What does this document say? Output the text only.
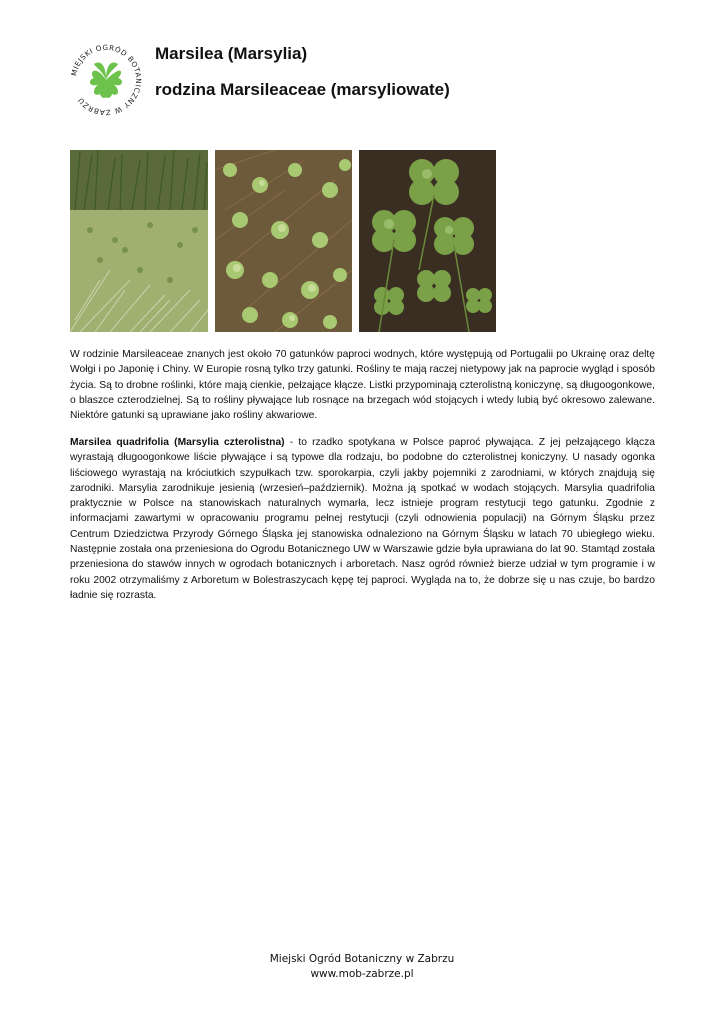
MIEJSKI OGRÓD BOTANICZNY W ZABRZU
Marsilea (Marsylia)
rodzina Marsileaceae (marsyliowate)
W rodzinie Marsileaceae znanych jest około 70 gatunków paproci wodnych, które występują od Portugalii po Ukrainę oraz deltę Wołgi i po Japonię i Chiny. W Europie rosną tylko trzy gatunki. Rośliny te mają raczej nietypowy jak na paprocie wygląd i sposób życia. Są to drobne roślinki, które mają cienkie, pełzające kłącze. Listki przypominają czterolistną koniczynę, są długoogonkowe, o blaszce czterodzielnej. Są to rośliny pływające lub rosnące na brzegach wód stojących i wtedy lubią być okresowo zalewane. Niektóre gatunki są uprawiane jako rośliny akwariowe.
Marsilea quadrifolia (Marsylia czterolistna) - to rzadko spotykana w Polsce paproć pływająca. Z jej pełzającego kłącza wyrastają długoogonkowe liście pływające i są typowe dla rodzaju, bo podobne do czterolistnej koniczyny. U nasady ogonka liściowego wyrastają na króciutkich szypułkach tzw. sporokarpia, czyli jakby pojemniki z zarodniami, w których znajdują się zarodniki. Marsylia zarodnikuje jesienią (wrzesień–październik). Można ją spotkać w wodach stojących. Marsylia quadrifolia praktycznie w Polsce na stanowiskach naturalnych wymarła, lecz istnieje program restytucji tego gatunku. Zgodnie z informacjami zawartymi w opracowaniu programu pełnej restytucji (czyli odnowienia populacji) na Górnym Śląsku przez Centrum Dziedzictwa Przyrody Górnego Śląska jej stanowiska odnaleziono na Górnym Śląsku w latach 70 ubiegłego wieku. Następnie została ona przeniesiona do Ogrodu Botanicznego UW w Warszawie gdzie była uprawiana do lat 90. Stamtąd została przeniesiona do stawów innych w ogrodach botanicznych i arboretach. Nasz ogród również bierze udział w tym programie i w roku 2002 otrzymaliśmy z Arboretum w Bolestraszycach kępę tej paproci. Wygląda na to, że dobrze się u nas czuje, bo bardzo ładnie się rozrasta.
Miejski Ogród Botaniczny w Zabrzu
www.mob-zabrze.pl
